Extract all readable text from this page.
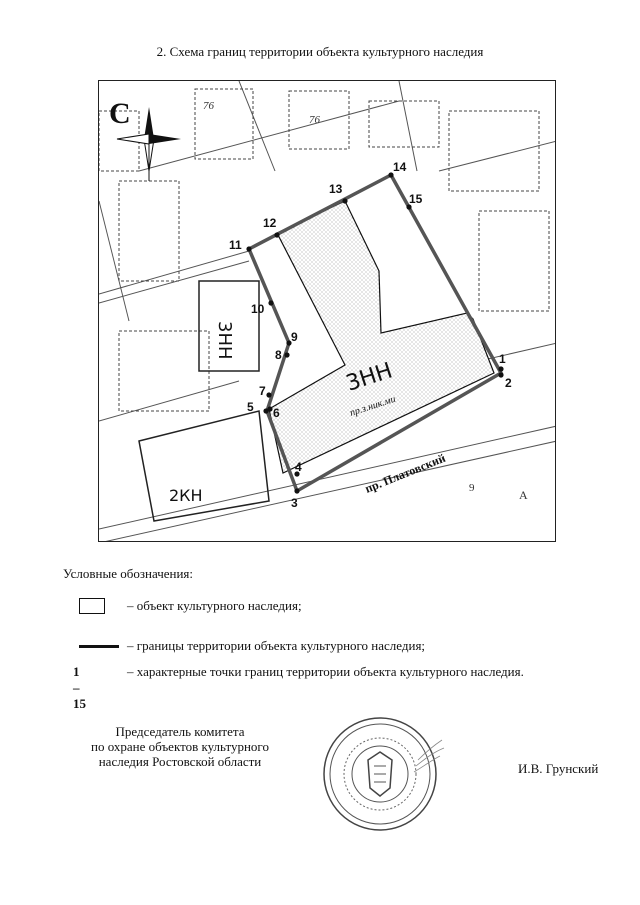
2. Схема границ территории объекта культурного наследия
76
76
9	A
3НН
пр.з.ник.ми
3НН
2КН
1
2
3
4
5 6
7
8
9
10
11
12
13
14
15
пр. Платовский
С
Условные обозначения:
– объект культурного наследия;
– границы территории объекта культурного наследия;
1 – 15
– характерные точки границ территории объекта культурного наследия.
Председатель комитета
по охране объектов культурного
наследия Ростовской области	И.В. Грунский
